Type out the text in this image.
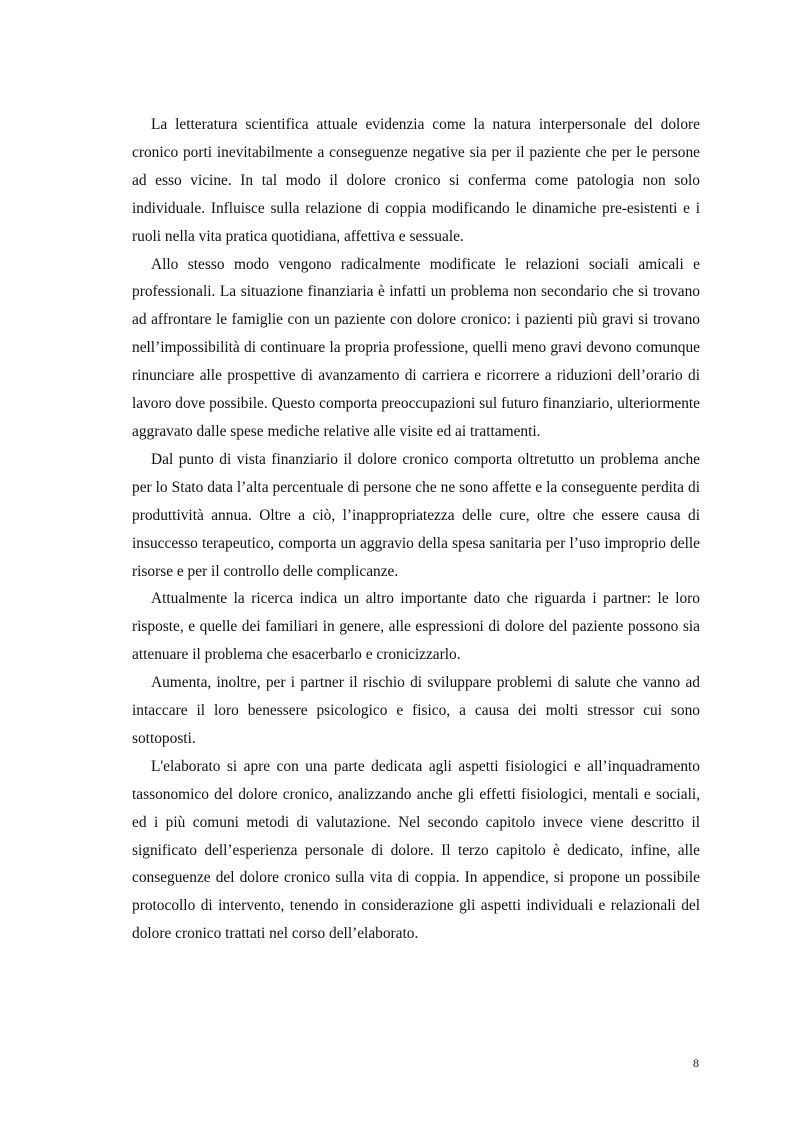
La letteratura scientifica attuale evidenzia come la natura interpersonale del dolore cronico porti inevitabilmente a conseguenze negative sia per il paziente che per le persone ad esso vicine. In tal modo il dolore cronico si conferma come patologia non solo individuale. Influisce sulla relazione di coppia modificando le dinamiche pre-esistenti e i ruoli nella vita pratica quotidiana, affettiva e sessuale.

Allo stesso modo vengono radicalmente modificate le relazioni sociali amicali e professionali. La situazione finanziaria è infatti un problema non secondario che si trovano ad affrontare le famiglie con un paziente con dolore cronico: i pazienti più gravi si trovano nell’impossibilità di continuare la propria professione, quelli meno gravi devono comunque rinunciare alle prospettive di avanzamento di carriera e ricorrere a riduzioni dell’orario di lavoro dove possibile. Questo comporta preoccupazioni sul futuro finanziario, ulteriormente aggravato dalle spese mediche relative alle visite ed ai trattamenti.

Dal punto di vista finanziario il dolore cronico comporta oltretutto un problema anche per lo Stato data l’alta percentuale di persone che ne sono affette e la conseguente perdita di produttività annua. Oltre a ciò, l’inappropriatezza delle cure, oltre che essere causa di insuccesso terapeutico, comporta un aggravio della spesa sanitaria per l’uso improprio delle risorse e per il controllo delle complicanze.

Attualmente la ricerca indica un altro importante dato che riguarda i partner: le loro risposte, e quelle dei familiari in genere, alle espressioni di dolore del paziente possono sia attenuare il problema che esacerbarlo e cronicizzarlo.

Aumenta, inoltre, per i partner il rischio di sviluppare problemi di salute che vanno ad intaccare il loro benessere psicologico e fisico, a causa dei molti stressor cui sono sottoposti.

L'elaborato si apre con una parte dedicata agli aspetti fisiologici e all’inquadramento tassonomico del dolore cronico, analizzando anche gli effetti fisiologici, mentali e sociali, ed i più comuni metodi di valutazione. Nel secondo capitolo invece viene descritto il significato dell’esperienza personale di dolore. Il terzo capitolo è dedicato, infine, alle conseguenze del dolore cronico sulla vita di coppia. In appendice, si propone un possibile protocollo di intervento, tenendo in considerazione gli aspetti individuali e relazionali del dolore cronico trattati nel corso dell’elaborato.

8
